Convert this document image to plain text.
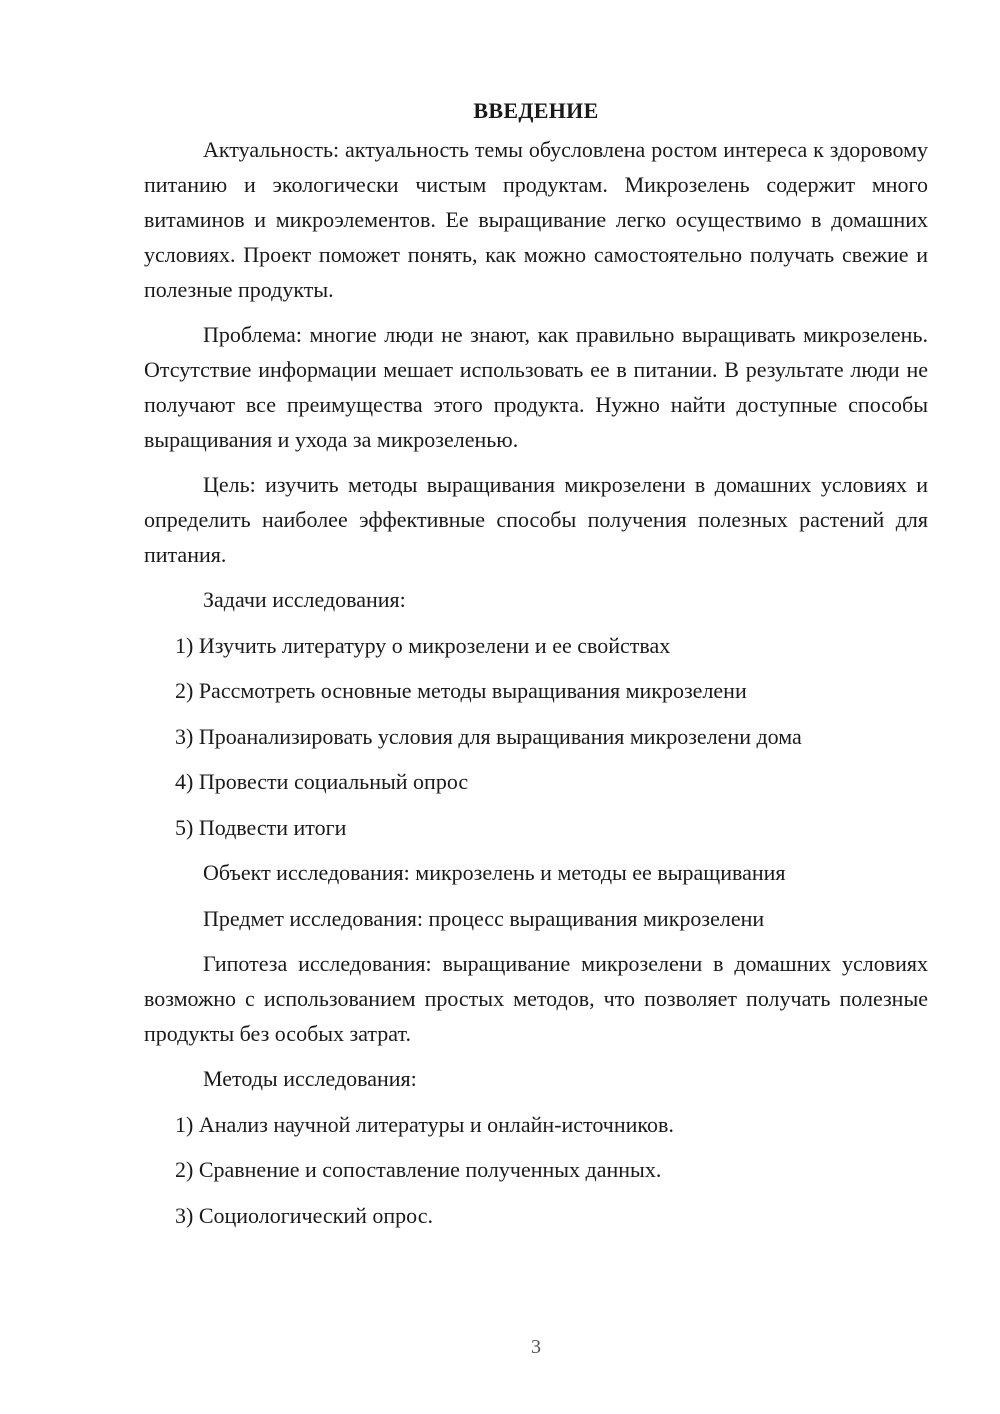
ВВЕДЕНИЕ

Актуальность: актуальность темы обусловлена ростом интереса к здоровому питанию и экологически чистым продуктам. Микрозелень содержит много витаминов и микроэлементов. Ее выращивание легко осуществимо в домашних условиях. Проект поможет понять, как можно самостоятельно получать свежие и полезные продукты.

Проблема: многие люди не знают, как правильно выращивать микрозелень. Отсутствие информации мешает использовать ее в питании. В результате люди не получают все преимущества этого продукта. Нужно найти доступные способы выращивания и ухода за микрозеленью.

Цель: изучить методы выращивания микрозелени в домашних условиях и определить наиболее эффективные способы получения полезных растений для питания.

Задачи исследования:
1) Изучить литературу о микрозелени и ее свойствах
2) Рассмотреть основные методы выращивания микрозелени
3) Проанализировать условия для выращивания микрозелени дома
4) Провести социальный опрос
5) Подвести итоги
Объект исследования: микрозелень и методы ее выращивания
Предмет исследования: процесс выращивания микрозелени

Гипотеза исследования: выращивание микрозелени в домашних условиях возможно с использованием простых методов, что позволяет получать полезные продукты без особых затрат.

Методы исследования:
1) Анализ научной литературы и онлайн-источников.
2) Сравнение и сопоставление полученных данных.
3) Социологический опрос.
3
